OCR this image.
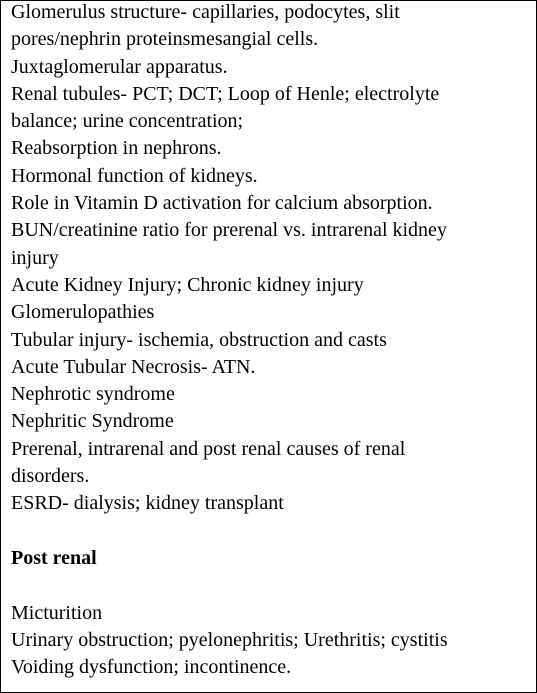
Glomerulus structure- capillaries, podocytes, slit
pores/nephrin proteinsmesangial cells.
Juxtaglomerular apparatus.
Renal tubules- PCT; DCT; Loop of Henle; electrolyte
balance; urine concentration;
Reabsorption in nephrons.
Hormonal function of kidneys.
Role in Vitamin D activation for calcium absorption.
BUN/creatinine ratio for prerenal vs. intrarenal kidney
injury
Acute Kidney Injury; Chronic kidney injury
Glomerulopathies
Tubular injury- ischemia, obstruction and casts
Acute Tubular Necrosis- ATN.
Nephrotic syndrome
Nephritic Syndrome
Prerenal, intrarenal and post renal causes of renal
disorders.
ESRD- dialysis; kidney transplant
Post renal
Micturition
Urinary obstruction; pyelonephritis; Urethritis; cystitis
Voiding dysfunction; incontinence.
